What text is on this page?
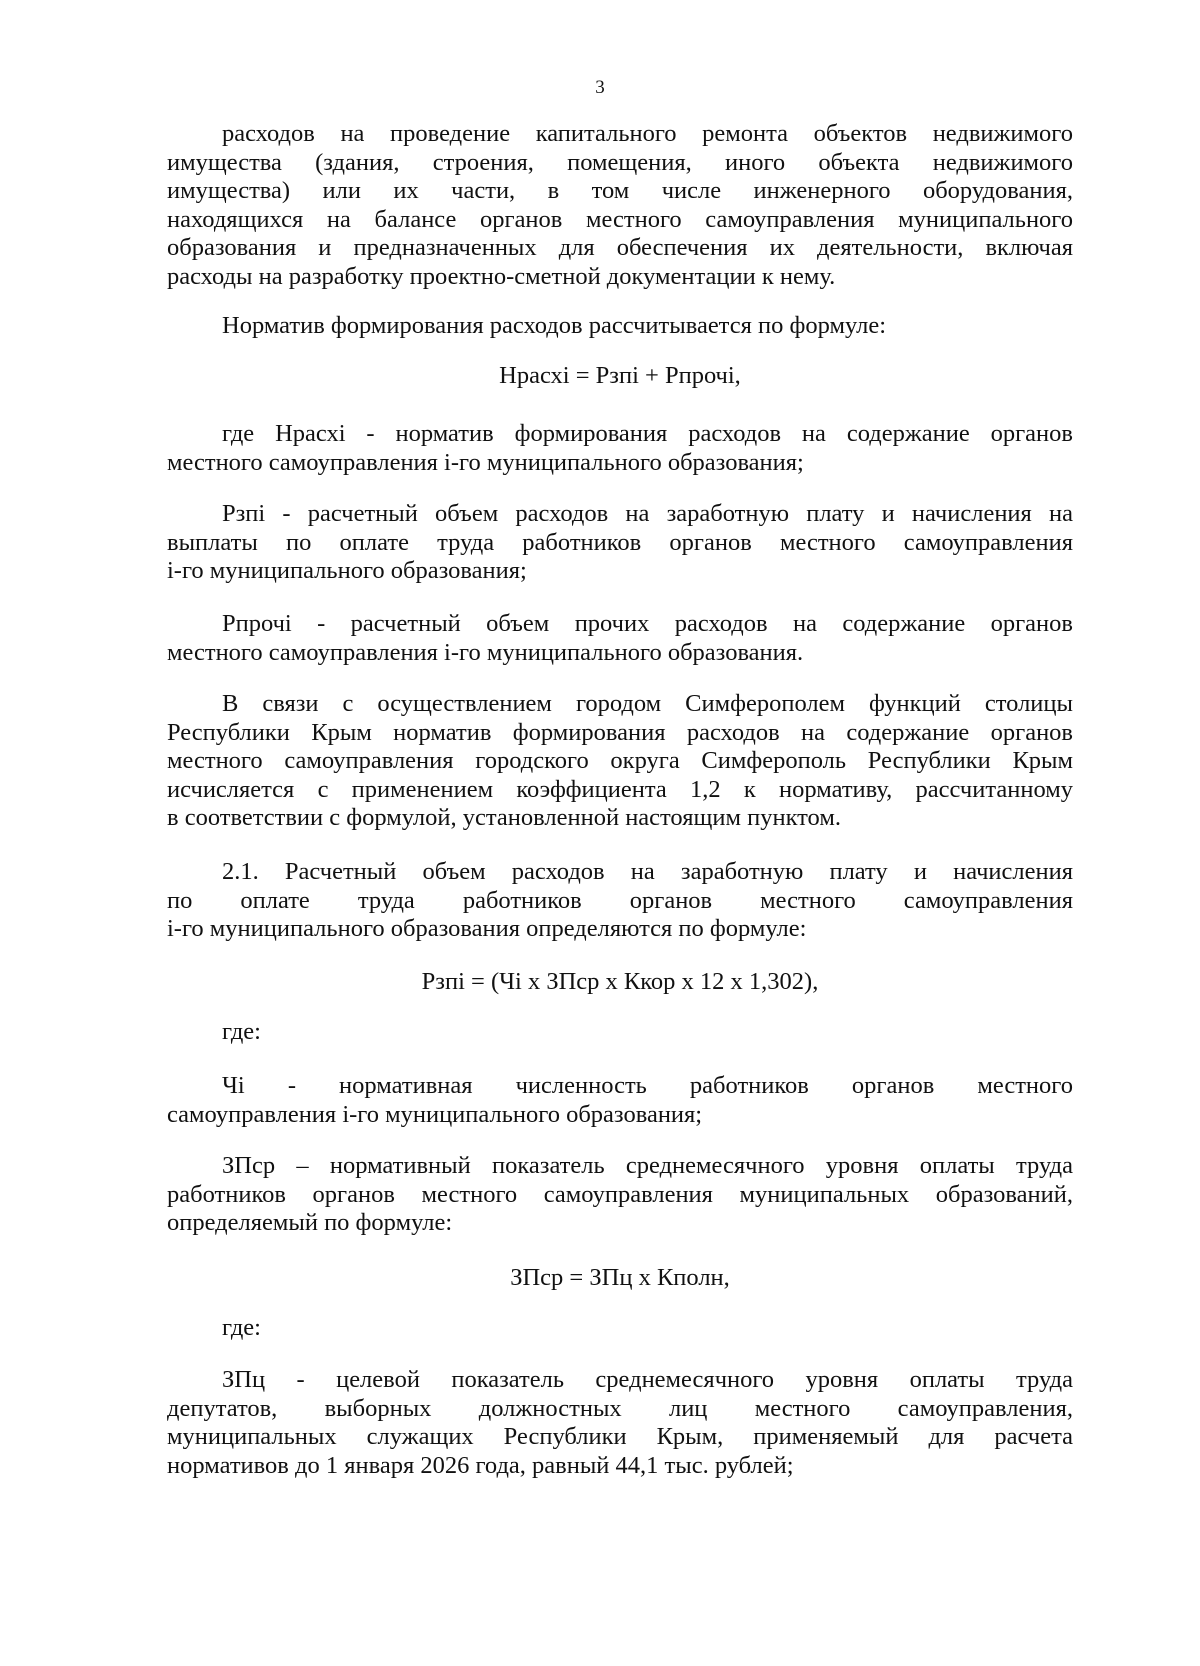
3
расходов на проведение капитального ремонта объектов недвижимого
имущества (здания, строения, помещения, иного объекта недвижимого
имущества) или их части, в том числе инженерного оборудования,
находящихся на балансе органов местного самоуправления муниципального
образования и предназначенных для обеспечения их деятельности, включая
расходы на разработку проектно-сметной документации к нему.
Норматив формирования расходов рассчитывается по формуле:
Нрасхi = Рзпi + Рпрочi,
где Нрасхi - норматив формирования расходов на содержание органов
местного самоуправления i-го муниципального образования;
Рзпi - расчетный объем расходов на заработную плату и начисления на
выплаты по оплате труда работников органов местного самоуправления
i-го муниципального образования;
Рпрочi - расчетный объем прочих расходов на содержание органов
местного самоуправления i-го муниципального образования.
В связи с осуществлением городом Симферополем функций столицы
Республики Крым норматив формирования расходов на содержание органов
местного самоуправления городского округа Симферополь Республики Крым
исчисляется с применением коэффициента 1,2 к нормативу, рассчитанному
в соответствии с формулой, установленной настоящим пунктом.
2.1. Расчетный объем расходов на заработную плату и начисления
по оплате труда работников органов местного самоуправления
i-го муниципального образования определяются по формуле:
Рзпi = (Чi x ЗПср x Ккор x 12 x 1,302),
где:
Чi - нормативная численность работников органов местного
самоуправления i-го муниципального образования;
ЗПср – нормативный показатель среднемесячного уровня оплаты труда
работников органов местного самоуправления муниципальных образований,
определяемый по формуле:
ЗПср = ЗПц x Кполн,
где:
ЗПц - целевой показатель среднемесячного уровня оплаты труда
депутатов, выборных должностных лиц местного самоуправления,
муниципальных служащих Республики Крым, применяемый для расчета
нормативов до 1 января 2026 года, равный 44,1 тыс. рублей;
